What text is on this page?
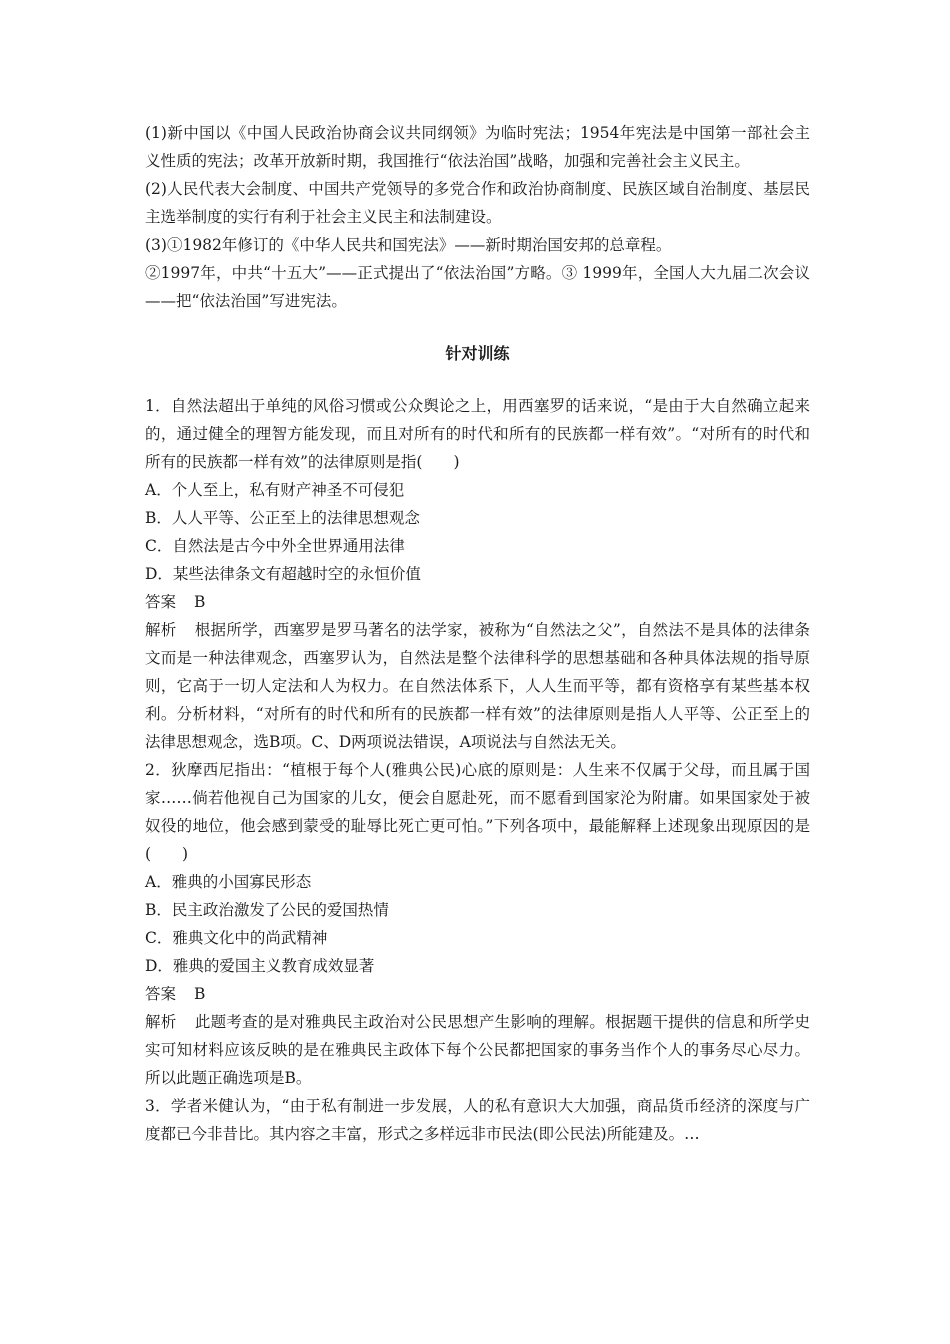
(1)新中国以《中国人民政治协商会议共同纲领》为临时宪法；1954年宪法是中国第一部社会主义性质的宪法；改革开放新时期，我国推行“依法治国”战略，加强和完善社会主义民主。

(2)人民代表大会制度、中国共产党领导的多党合作和政治协商制度、民族区域自治制度、基层民主选举制度的实行有利于社会主义民主和法制建设。

(3)①1982年修订的《中华人民共和国宪法》——新时期治国安邦的总章程。

②1997年，中共“十五大”——正式提出了“依法治国”方略。③ 1999年，全国人大九届二次会议——把“依法治国”写进宪法。

针对训练

1．自然法超出于单纯的风俗习惯或公众舆论之上，用西塞罗的话来说，“是由于大自然确立起来的，通过健全的理智方能发现，而且对所有的时代和所有的民族都一样有效”。“对所有的时代和所有的民族都一样有效”的法律原则是指(　　)

A．个人至上，私有财产神圣不可侵犯

B．人人平等、公正至上的法律思想观念

C．自然法是古今中外全世界通用法律

D．某些法律条文有超越时空的永恒价值

答案 B

解析 根据所学，西塞罗是罗马著名的法学家，被称为“自然法之父”，自然法不是具体的法律条文而是一种法律观念，西塞罗认为，自然法是整个法律科学的思想基础和各种具体法规的指导原则，它高于一切人定法和人为权力。在自然法体系下，人人生而平等，都有资格享有某些基本权利。分析材料，“对所有的时代和所有的民族都一样有效”的法律原则是指人人平等、公正至上的法律思想观念，选B项。C、D两项说法错误，A项说法与自然法无关。

2．狄摩西尼指出：“植根于每个人(雅典公民)心底的原则是：人生来不仅属于父母，而且属于国家……倘若他视自己为国家的儿女，便会自愿赴死，而不愿看到国家沦为附庸。如果国家处于被奴役的地位，他会感到蒙受的耻辱比死亡更可怕。”下列各项中，最能解释上述现象出现原因的是(　　)

A．雅典的小国寡民形态

B．民主政治激发了公民的爱国热情

C．雅典文化中的尚武精神

D．雅典的爱国主义教育成效显著

答案 B

解析 此题考查的是对雅典民主政治对公民思想产生影响的理解。根据题干提供的信息和所学史实可知材料应该反映的是在雅典民主政体下每个公民都把国家的事务当作个人的事务尽心尽力。所以此题正确选项是B。

3．学者米健认为，“由于私有制进一步发展，人的私有意识大大加强，商品货币经济的深度与广度都已今非昔比。其内容之丰富，形式之多样远非市民法(即公民法)所能建及。…
